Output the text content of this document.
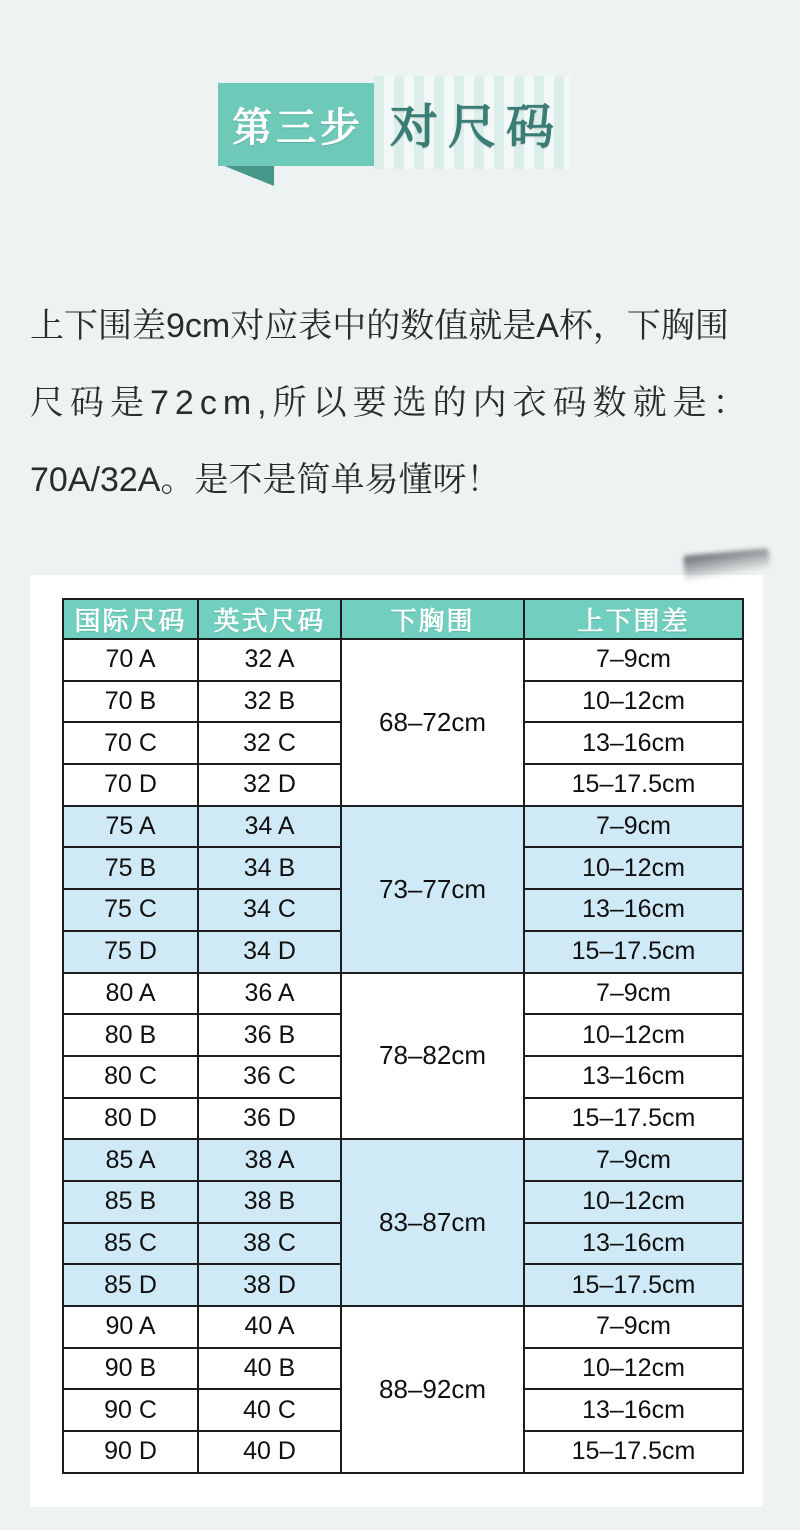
第三步 对尺码
上下围差9cm对应表中的数值就是A杯，下胸围
尺码是72cm,所以要选的内衣码数就是：
70A/32A。是不是简单易懂呀！
国际尺码	英式尺码	下胸围	上下围差
70 A	32 A	68–72cm	7–9cm
70 B	32 B		10–12cm
70 C	32 C		13–16cm
70 D	32 D		15–17.5cm
75 A	34 A	73–77cm	7–9cm
75 B	34 B		10–12cm
75 C	34 C		13–16cm
75 D	34 D		15–17.5cm
80 A	36 A	78–82cm	7–9cm
80 B	36 B		10–12cm
80 C	36 C		13–16cm
80 D	36 D		15–17.5cm
85 A	38 A	83–87cm	7–9cm
85 B	38 B		10–12cm
85 C	38 C		13–16cm
85 D	38 D		15–17.5cm
90 A	40 A	88–92cm	7–9cm
90 B	40 B		10–12cm
90 C	40 C		13–16cm
90 D	40 D		15–17.5cm
